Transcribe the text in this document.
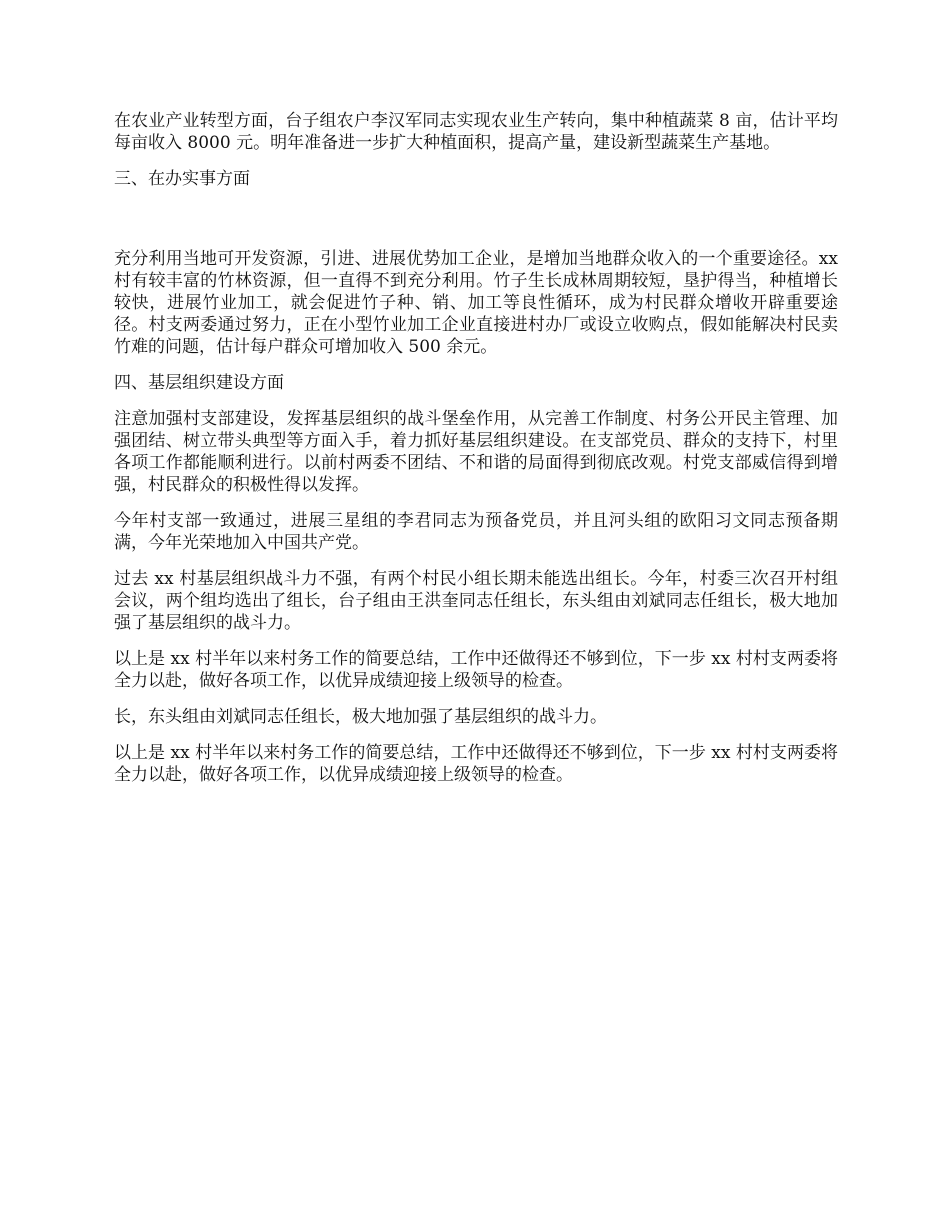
在农业产业转型方面，台子组农户李汉军同志实现农业生产转向，集中种植蔬菜 8 亩，估计平均每亩收入 8000 元。明年准备进一步扩大种植面积，提高产量，建设新型蔬菜生产基地。

三、在办实事方面

充分利用当地可开发资源，引进、进展优势加工企业，是增加当地群众收入的一个重要途径。xx 村有较丰富的竹林资源，但一直得不到充分利用。竹子生长成林周期较短，垦护得当，种植增长较快，进展竹业加工，就会促进竹子种、销、加工等良性循环，成为村民群众增收开辟重要途径。村支两委通过努力，正在小型竹业加工企业直接进村办厂或设立收购点，假如能解决村民卖竹难的问题，估计每户群众可增加收入 500 余元。

四、基层组织建设方面

注意加强村支部建设，发挥基层组织的战斗堡垒作用，从完善工作制度、村务公开民主管理、加强团结、树立带头典型等方面入手，着力抓好基层组织建设。在支部党员、群众的支持下，村里各项工作都能顺利进行。以前村两委不团结、不和谐的局面得到彻底改观。村党支部威信得到增强，村民群众的积极性得以发挥。

今年村支部一致通过，进展三星组的李君同志为预备党员，并且河头组的欧阳习文同志预备期满，今年光荣地加入中国共产党。

过去 xx 村基层组织战斗力不强，有两个村民小组长期未能选出组长。今年，村委三次召开村组会议，两个组均选出了组长，台子组由王洪奎同志任组长，东头组由刘斌同志任组长，极大地加强了基层组织的战斗力。

以上是 xx 村半年以来村务工作的简要总结，工作中还做得还不够到位，下一步 xx 村村支两委将全力以赴，做好各项工作，以优异成绩迎接上级领导的检查。

长，东头组由刘斌同志任组长，极大地加强了基层组织的战斗力。

以上是 xx 村半年以来村务工作的简要总结，工作中还做得还不够到位，下一步 xx 村村支两委将全力以赴，做好各项工作，以优异成绩迎接上级领导的检查。
